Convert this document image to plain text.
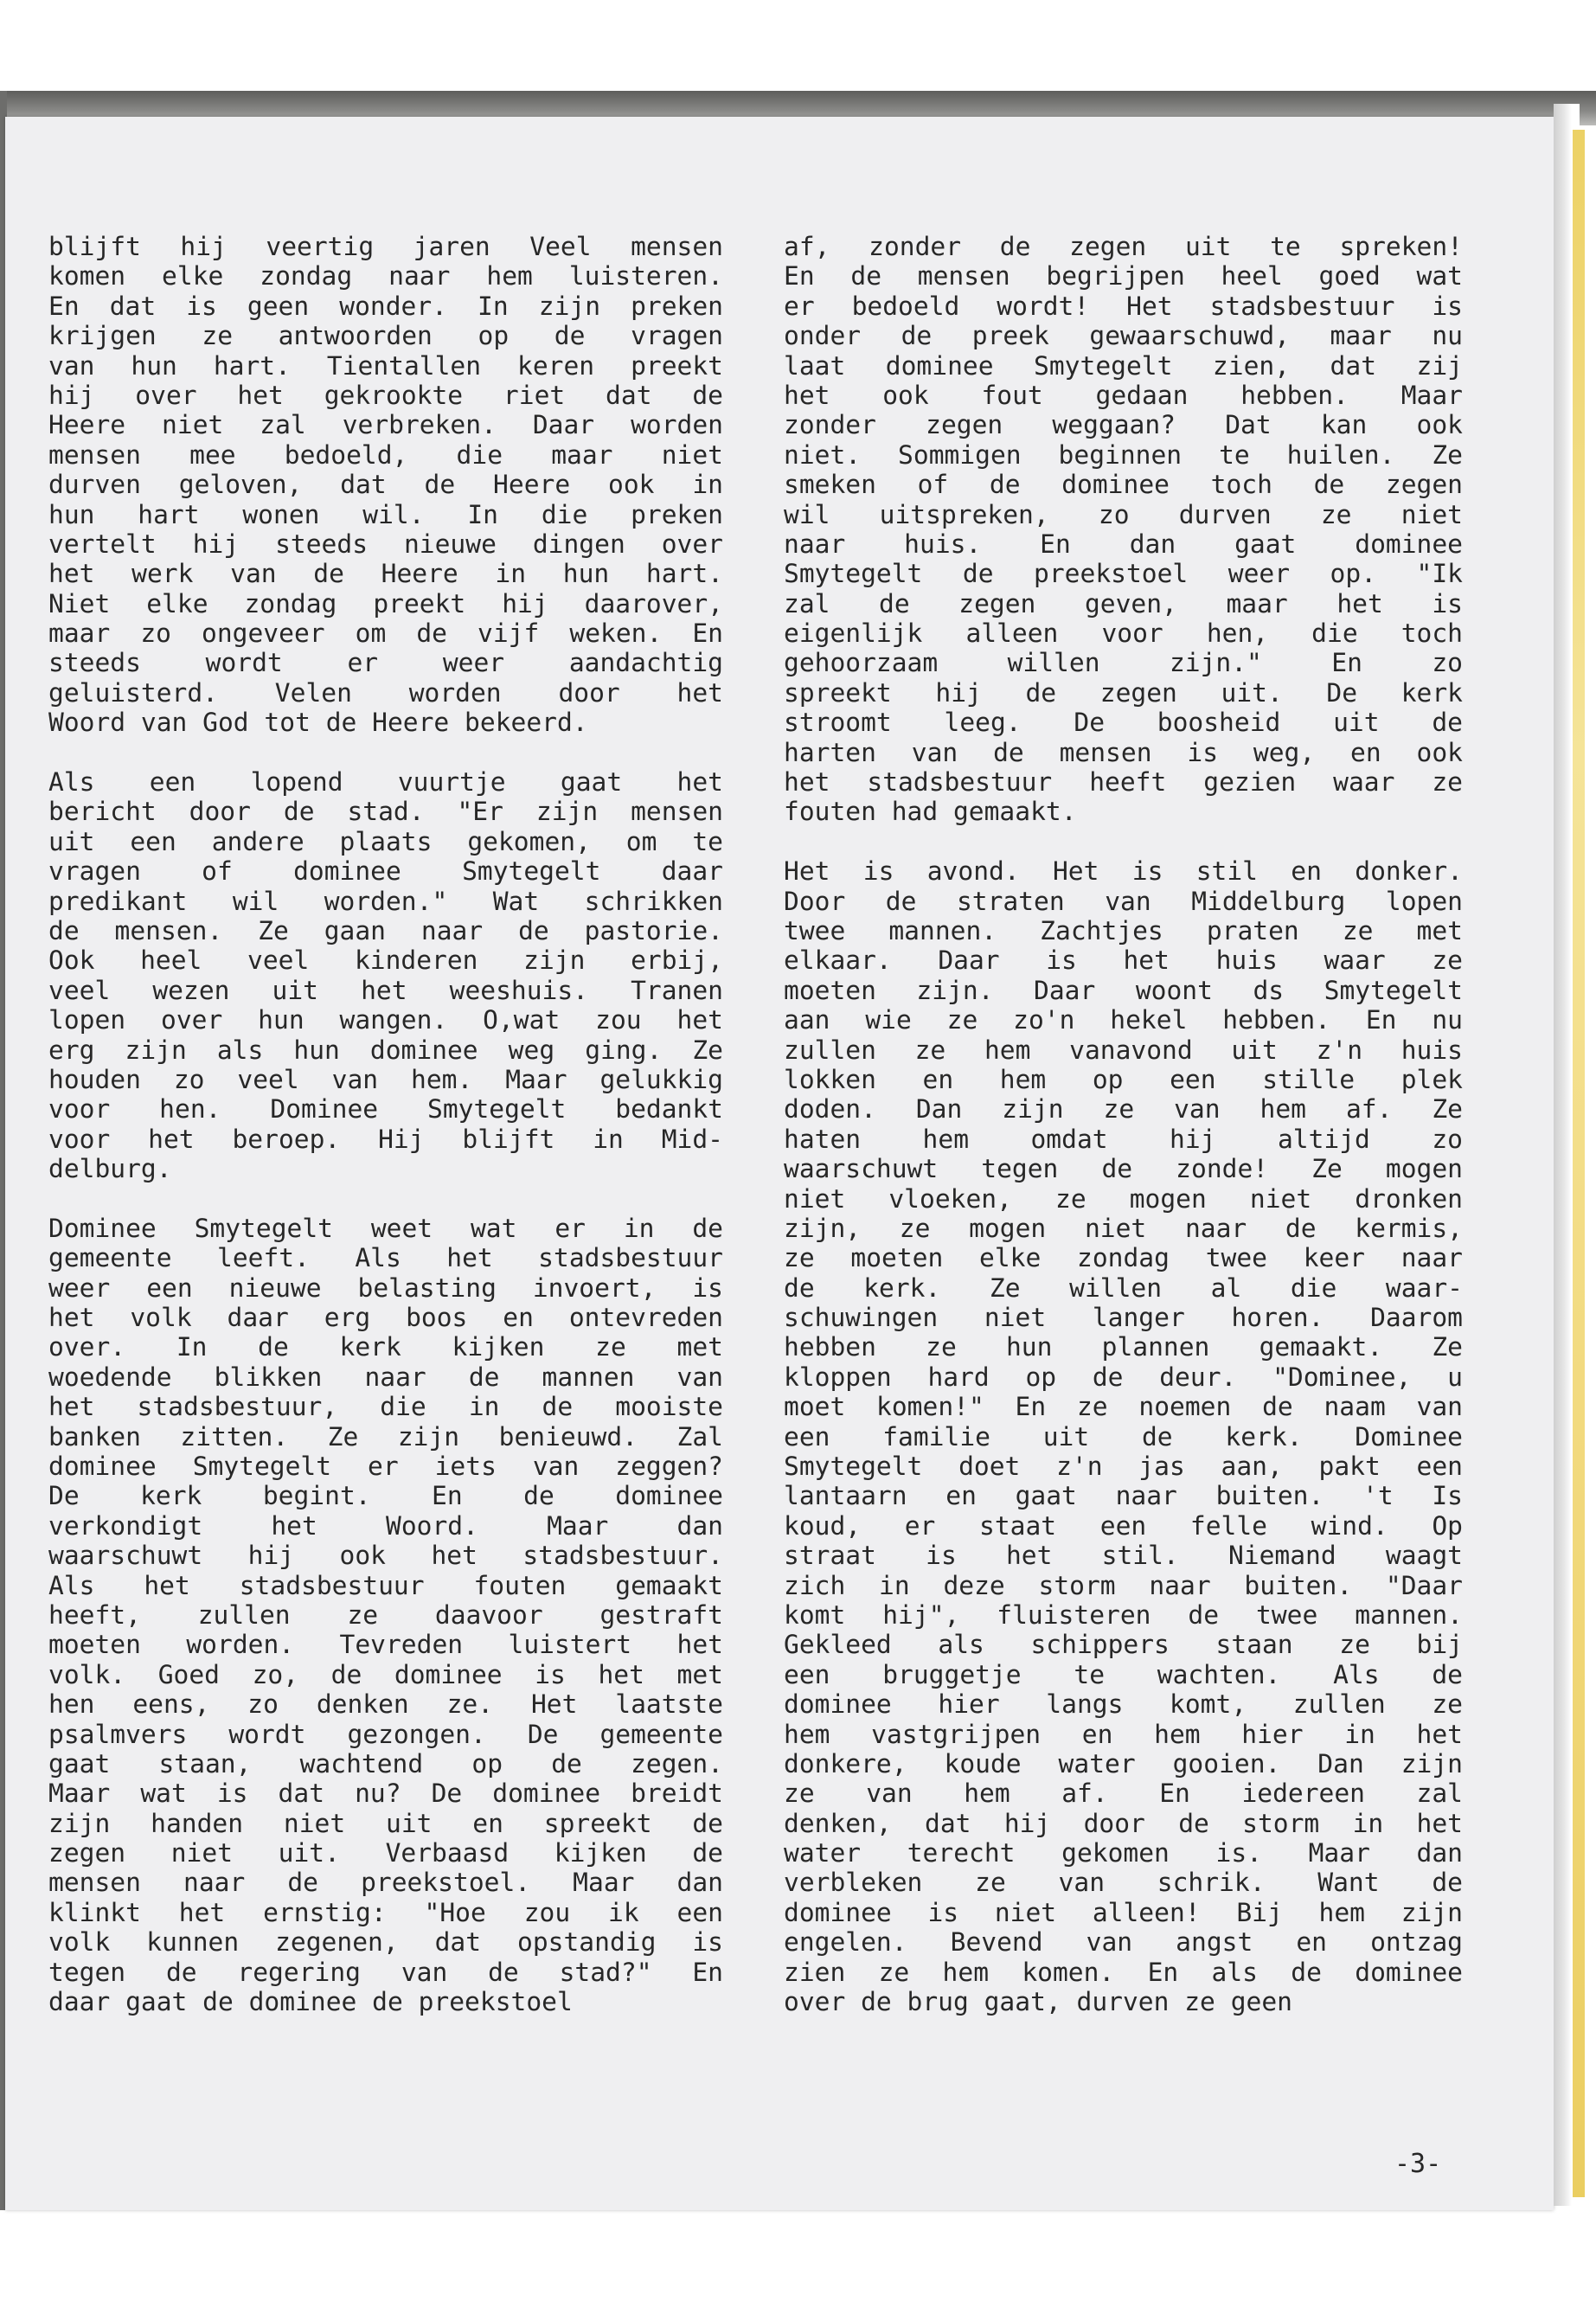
blijft hij veertig jaren Veel mensen
komen elke zondag naar hem luisteren.
En dat is geen wonder. In zijn preken
krijgen ze antwoorden op de vragen
van hun hart. Tientallen keren preekt
hij over het gekrookte riet dat de
Heere niet zal verbreken. Daar worden
mensen mee bedoeld, die maar niet
durven geloven, dat de Heere ook in
hun hart wonen wil. In die preken
vertelt hij steeds nieuwe dingen over
het werk van de Heere in hun hart.
Niet elke zondag preekt hij daarover,
maar zo ongeveer om de vijf weken. En
steeds wordt er weer aandachtig
geluisterd. Velen worden door het
Woord van God tot de Heere bekeerd.
Als een lopend vuurtje gaat het
bericht door de stad. "Er zijn mensen
uit een andere plaats gekomen, om te
vragen of dominee Smytegelt daar
predikant wil worden." Wat schrikken
de mensen. Ze gaan naar de pastorie.
Ook heel veel kinderen zijn erbij,
veel wezen uit het weeshuis. Tranen
lopen over hun wangen. O,wat zou het
erg zijn als hun dominee weg ging. Ze
houden zo veel van hem. Maar gelukkig
voor hen. Dominee Smytegelt bedankt
voor het beroep. Hij blijft in Mid-
delburg.
Dominee Smytegelt weet wat er in de
gemeente leeft. Als het stadsbestuur
weer een nieuwe belasting invoert, is
het volk daar erg boos en ontevreden
over. In de kerk kijken ze met
woedende blikken naar de mannen van
het stadsbestuur, die in de mooiste
banken zitten. Ze zijn benieuwd. Zal
dominee Smytegelt er iets van zeggen?
De kerk begint. En de dominee
verkondigt het Woord. Maar dan
waarschuwt hij ook het stadsbestuur.
Als het stadsbestuur fouten gemaakt
heeft, zullen ze daavoor gestraft
moeten worden. Tevreden luistert het
volk. Goed zo, de dominee is het met
hen eens, zo denken ze. Het laatste
psalmvers wordt gezongen. De gemeente
gaat staan, wachtend op de zegen.
Maar wat is dat nu? De dominee breidt
zijn handen niet uit en spreekt de
zegen niet uit. Verbaasd kijken de
mensen naar de preekstoel. Maar dan
klinkt het ernstig: "Hoe zou ik een
volk kunnen zegenen, dat opstandig is
tegen de regering van de stad?" En
daar gaat de dominee de preekstoel
af, zonder de zegen uit te spreken!
En de mensen begrijpen heel goed wat
er bedoeld wordt! Het stadsbestuur is
onder de preek gewaarschuwd, maar nu
laat dominee Smytegelt zien, dat zij
het ook fout gedaan hebben. Maar
zonder zegen weggaan? Dat kan ook
niet. Sommigen beginnen te huilen. Ze
smeken of de dominee toch de zegen
wil uitspreken, zo durven ze niet
naar huis. En dan gaat dominee
Smytegelt de preekstoel weer op. "Ik
zal de zegen geven, maar het is
eigenlijk alleen voor hen, die toch
gehoorzaam willen zijn." En zo
spreekt hij de zegen uit. De kerk
stroomt leeg. De boosheid uit de
harten van de mensen is weg, en ook
het stadsbestuur heeft gezien waar ze
fouten had gemaakt.
Het is avond. Het is stil en donker.
Door de straten van Middelburg lopen
twee mannen. Zachtjes praten ze met
elkaar. Daar is het huis waar ze
moeten zijn. Daar woont ds Smytegelt
aan wie ze zo'n hekel hebben. En nu
zullen ze hem vanavond uit z'n huis
lokken en hem op een stille plek
doden. Dan zijn ze van hem af. Ze
haten hem omdat hij altijd zo
waarschuwt tegen de zonde! Ze mogen
niet vloeken, ze mogen niet dronken
zijn, ze mogen niet naar de kermis,
ze moeten elke zondag twee keer naar
de kerk. Ze willen al die waar-
schuwingen niet langer horen. Daarom
hebben ze hun plannen gemaakt. Ze
kloppen hard op de deur. "Dominee, u
moet komen!" En ze noemen de naam van
een familie uit de kerk. Dominee
Smytegelt doet z'n jas aan, pakt een
lantaarn en gaat naar buiten. 't Is
koud, er staat een felle wind. Op
straat is het stil. Niemand waagt
zich in deze storm naar buiten. "Daar
komt hij", fluisteren de twee mannen.
Gekleed als schippers staan ze bij
een bruggetje te wachten. Als de
dominee hier langs komt, zullen ze
hem vastgrijpen en hem hier in het
donkere, koude water gooien. Dan zijn
ze van hem af. En iedereen zal
denken, dat hij door de storm in het
water terecht gekomen is. Maar dan
verbleken ze van schrik. Want de
dominee is niet alleen! Bij hem zijn
engelen. Bevend van angst en ontzag
zien ze hem komen. En als de dominee
over de brug gaat, durven ze geen
-3-
